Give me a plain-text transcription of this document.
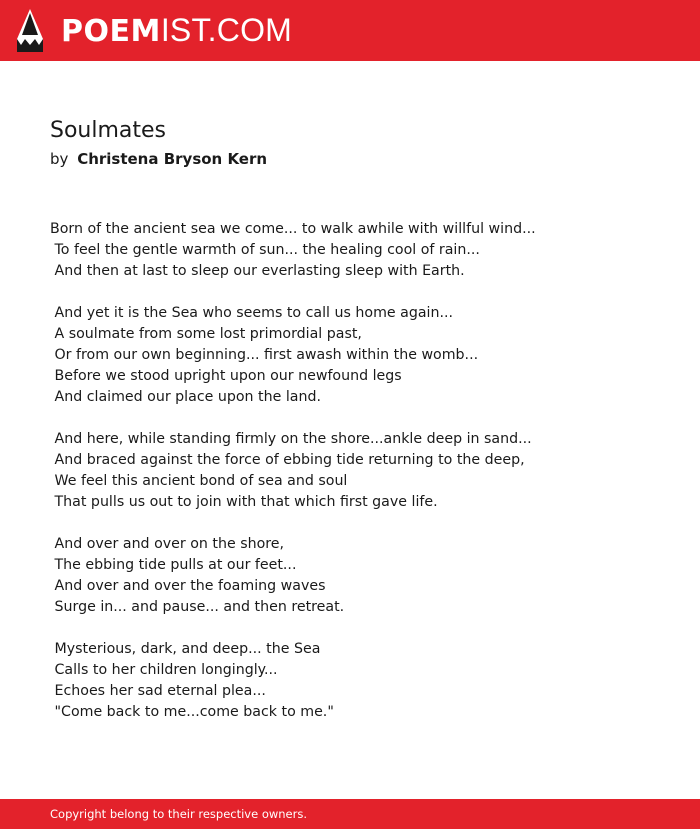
POEMIST.COM
Soulmates
by Christena Bryson Kern
Born of the ancient sea we come... to walk awhile with willful wind...
To feel the gentle warmth of sun... the healing cool of rain...
And then at last to sleep our everlasting sleep with Earth.
And yet it is the Sea who seems to call us home again...
A soulmate from some lost primordial past,
Or from our own beginning... first awash within the womb...
Before we stood upright upon our newfound legs
And claimed our place upon the land.
And here, while standing firmly on the shore...ankle deep in sand...
And braced against the force of ebbing tide returning to the deep,
We feel this ancient bond of sea and soul
That pulls us out to join with that which first gave life.
And over and over on the shore,
The ebbing tide pulls at our feet...
And over and over the foaming waves
Surge in... and pause... and then retreat.
Mysterious, dark, and deep... the Sea
Calls to her children longingly...
Echoes her sad eternal plea...
"Come back to me...come back to me."
Copyright belong to their respective owners.
